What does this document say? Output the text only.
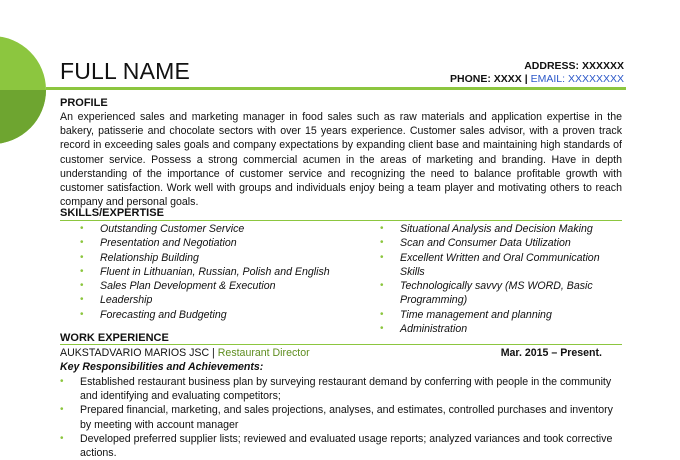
FULL NAME	ADDRESS: XXXXXX
PHONE: XXXX | EMAIL: XXXXXXXX
PROFILE
An experienced sales and marketing manager in food sales such as raw materials and application expertise in the bakery, patisserie and chocolate sectors with over 15 years experience. Customer sales advisor, with a proven track record in exceeding sales goals and company expectations by expanding client base and maintaining high standards of customer service. Possess a strong commercial acumen in the areas of marketing and branding. Have in depth understanding of the importance of customer service and recognizing the need to balance profitable growth with customer satisfaction. Work well with groups and individuals enjoy being a team player and motivating others to reach company and personal goals.
SKILLS/EXPERTISE
• Outstanding Customer Service
• Presentation and Negotiation
• Relationship Building
• Fluent in Lithuanian, Russian, Polish and English
• Sales Plan Development & Execution
• Leadership
• Forecasting and Budgeting
• Situational Analysis and Decision Making
• Scan and Consumer Data Utilization
• Excellent Written and Oral Communication Skills
• Technologically savvy (MS WORD, Basic Programming)
• Time management and planning
• Administration
WORK EXPERIENCE
AUKSTADVARIO MARIOS JSC | Restaurant Director	Mar. 2015 – Present.
Key Responsibilities and Achievements:
• Established restaurant business plan by surveying restaurant demand by conferring with people in the community and identifying and evaluating competitors;
• Prepared financial, marketing, and sales projections, analyses, and estimates, controlled purchases and inventory by meeting with account manager
• Developed preferred supplier lists; reviewed and evaluated usage reports; analyzed variances and took corrective actions.
